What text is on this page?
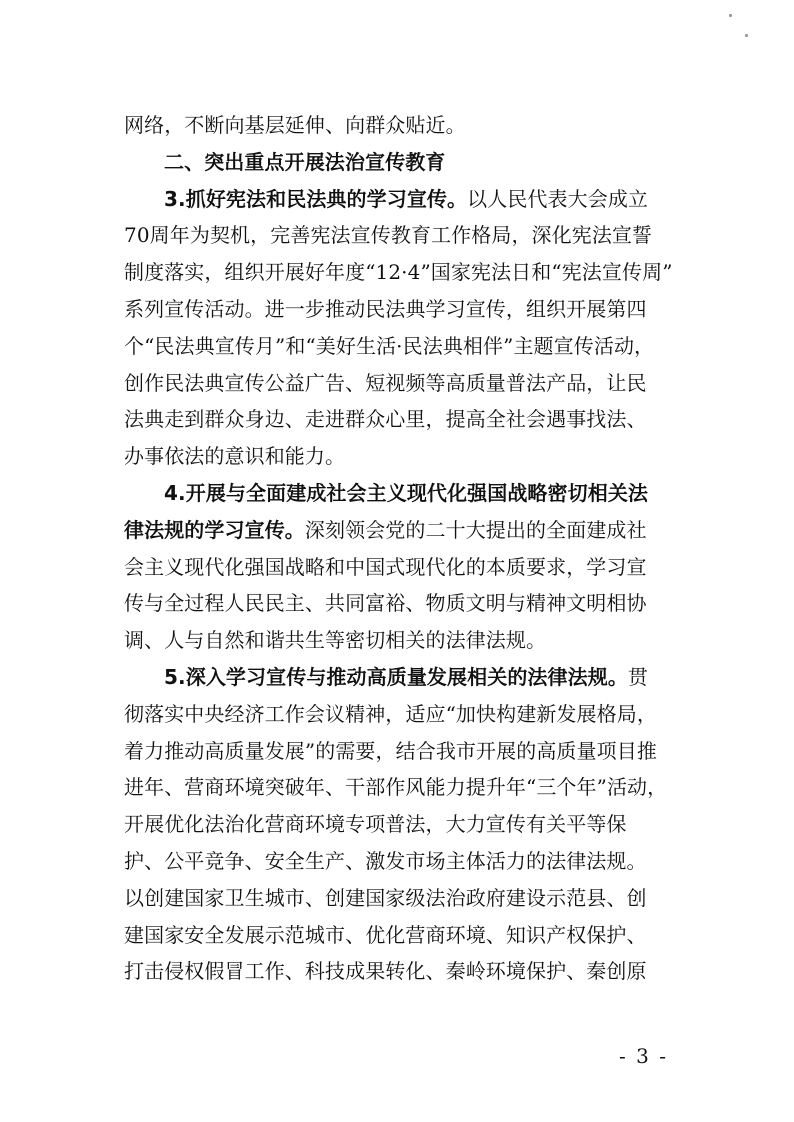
网络，不断向基层延伸、向群众贴近。
二、突出重点开展法治宣传教育
3.抓好宪法和民法典的学习宣传。以人民代表大会成立
70周年为契机，完善宪法宣传教育工作格局，深化宪法宣誓
制度落实，组织开展好年度“12·4”国家宪法日和“宪法宣传周”
系列宣传活动。进一步推动民法典学习宣传，组织开展第四
个“民法典宣传月”和“美好生活·民法典相伴”主题宣传活动，
创作民法典宣传公益广告、短视频等高质量普法产品，让民
法典走到群众身边、走进群众心里，提高全社会遇事找法、
办事依法的意识和能力。
4.开展与全面建成社会主义现代化强国战略密切相关法
律法规的学习宣传。深刻领会党的二十大提出的全面建成社
会主义现代化强国战略和中国式现代化的本质要求，学习宣
传与全过程人民民主、共同富裕、物质文明与精神文明相协
调、人与自然和谐共生等密切相关的法律法规。
5.深入学习宣传与推动高质量发展相关的法律法规。贯
彻落实中央经济工作会议精神，适应“加快构建新发展格局，
着力推动高质量发展”的需要，结合我市开展的高质量项目推
进年、营商环境突破年、干部作风能力提升年“三个年”活动，
开展优化法治化营商环境专项普法，大力宣传有关平等保
护、公平竞争、安全生产、激发市场主体活力的法律法规。
以创建国家卫生城市、创建国家级法治政府建设示范县、创
建国家安全发展示范城市、优化营商环境、知识产权保护、
打击侵权假冒工作、科技成果转化、秦岭环境保护、秦创原
- 3 -
